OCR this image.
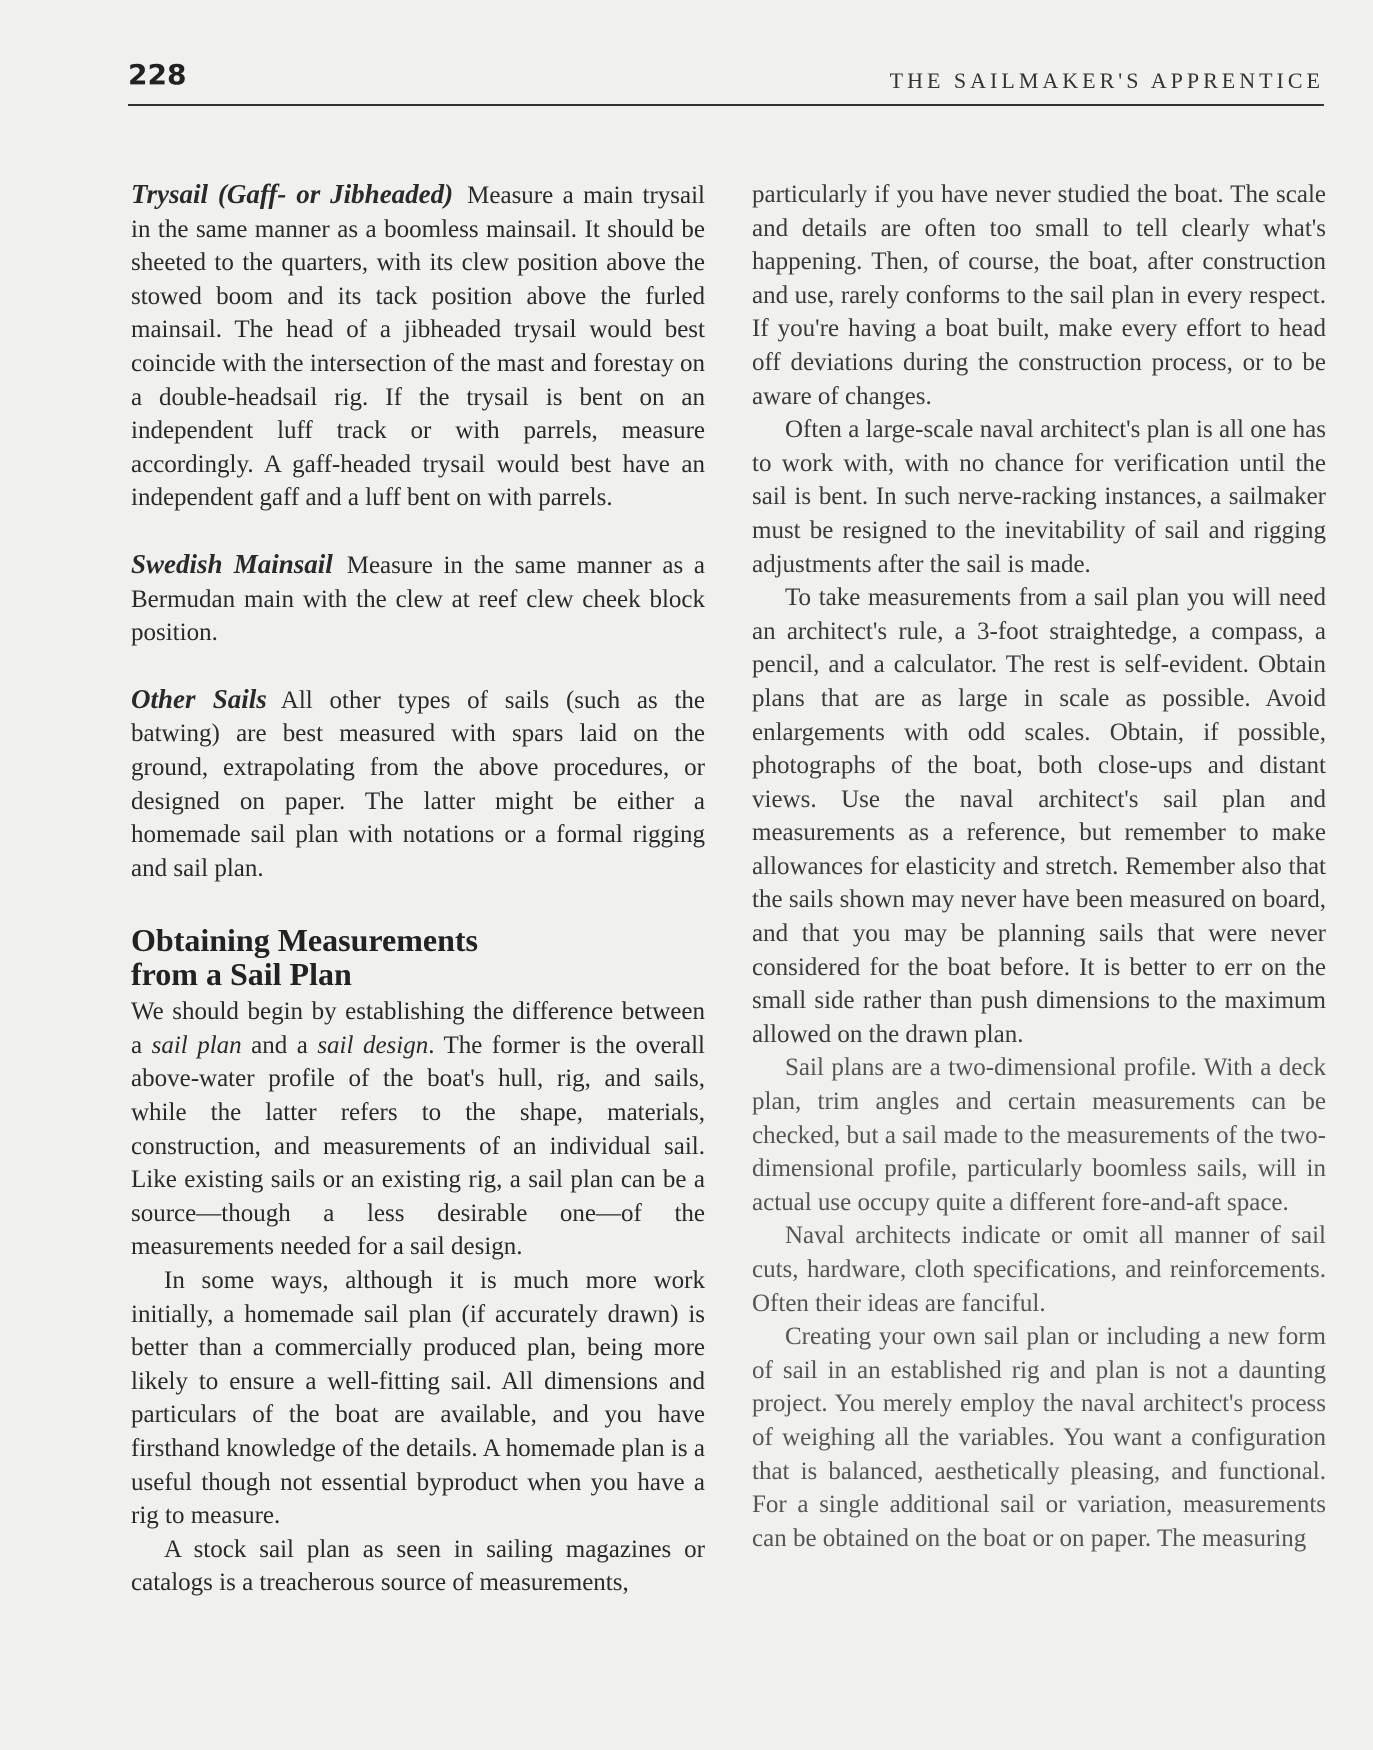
228	THE SAILMAKER'S APPRENTICE

Trysail (Gaff- or Jibheaded) Measure a main trysail in the same manner as a boomless mainsail. It should be sheeted to the quarters, with its clew position above the stowed boom and its tack position above the furled mainsail. The head of a jibheaded trysail would best coincide with the intersection of the mast and forestay on a double-headsail rig. If the trysail is bent on an independent luff track or with parrels, measure accordingly. A gaff-headed trysail would best have an independent gaff and a luff bent on with parrels.

Swedish Mainsail Measure in the same manner as a Bermudan main with the clew at reef clew cheek block position.

Other Sails All other types of sails (such as the batwing) are best measured with spars laid on the ground, extrapolating from the above procedures, or designed on paper. The latter might be either a homemade sail plan with notations or a formal rigging and sail plan.

Obtaining Measurements
from a Sail Plan

We should begin by establishing the difference between a sail plan and a sail design. The former is the overall above-water profile of the boat's hull, rig, and sails, while the latter refers to the shape, materials, construction, and measurements of an individual sail. Like existing sails or an existing rig, a sail plan can be a source—though a less desirable one—of the measurements needed for a sail design.

In some ways, although it is much more work initially, a homemade sail plan (if accurately drawn) is better than a commercially produced plan, being more likely to ensure a well-fitting sail. All dimensions and particulars of the boat are available, and you have firsthand knowledge of the details. A homemade plan is a useful though not essential byproduct when you have a rig to measure.

A stock sail plan as seen in sailing magazines or catalogs is a treacherous source of measurements,

particularly if you have never studied the boat. The scale and details are often too small to tell clearly what's happening. Then, of course, the boat, after construction and use, rarely conforms to the sail plan in every respect. If you're having a boat built, make every effort to head off deviations during the construction process, or to be aware of changes.

Often a large-scale naval architect's plan is all one has to work with, with no chance for verification until the sail is bent. In such nerve-racking instances, a sailmaker must be resigned to the inevitability of sail and rigging adjustments after the sail is made.

To take measurements from a sail plan you will need an architect's rule, a 3-foot straightedge, a compass, a pencil, and a calculator. The rest is self-evident. Obtain plans that are as large in scale as possible. Avoid enlargements with odd scales. Obtain, if possible, photographs of the boat, both close-ups and distant views. Use the naval architect's sail plan and measurements as a reference, but remember to make allowances for elasticity and stretch. Remember also that the sails shown may never have been measured on board, and that you may be planning sails that were never considered for the boat before. It is better to err on the small side rather than push dimensions to the maximum allowed on the drawn plan.

Sail plans are a two-dimensional profile. With a deck plan, trim angles and certain measurements can be checked, but a sail made to the measurements of the two-dimensional profile, particularly boomless sails, will in actual use occupy quite a different fore-and-aft space.

Naval architects indicate or omit all manner of sail cuts, hardware, cloth specifications, and reinforcements. Often their ideas are fanciful.

Creating your own sail plan or including a new form of sail in an established rig and plan is not a daunting project. You merely employ the naval architect's process of weighing all the variables. You want a configuration that is balanced, aesthetically pleasing, and functional. For a single additional sail or variation, measurements can be obtained on the boat or on paper. The measuring
